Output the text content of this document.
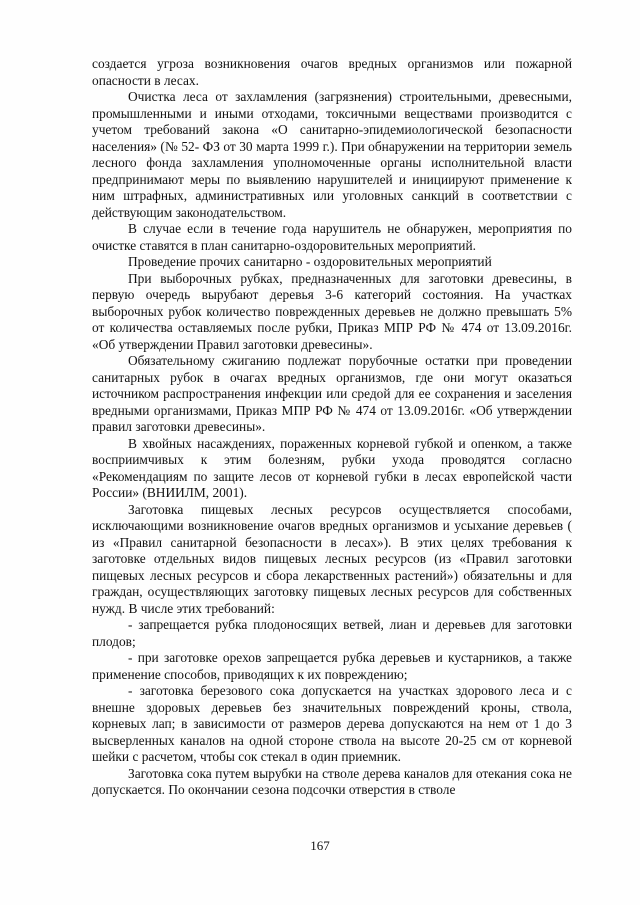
создается угроза возникновения очагов вредных организмов или пожарной опасности в лесах.

Очистка леса от захламления (загрязнения) строительными, древесными, промышленными и иными отходами, токсичными веществами производится с учетом требований закона «О санитарно-эпидемиологической безопасности населения» (№ 52- ФЗ от 30 марта 1999 г.). При обнаружении на территории земель лесного фонда захламления уполномоченные органы исполнительной власти предпринимают меры по выявлению нарушителей и инициируют применение к ним штрафных, административных или уголовных санкций в соответствии с действующим законодательством.

В случае если в течение года нарушитель не обнаружен, мероприятия по очистке ставятся в план санитарно-оздоровительных мероприятий.

Проведение прочих санитарно - оздоровительных мероприятий

При выборочных рубках, предназначенных для заготовки древесины, в первую очередь вырубают деревья 3-6 категорий состояния. На участках выборочных рубок количество поврежденных деревьев не должно превышать 5% от количества оставляемых после рубки, Приказ МПР РФ № 474 от 13.09.2016г. «Об утверждении Правил заготовки древесины».

Обязательному сжиганию подлежат порубочные остатки при проведении санитарных рубок в очагах вредных организмов, где они могут оказаться источником распространения инфекции или средой для ее сохранения и заселения вредными организмами, Приказ МПР РФ № 474 от 13.09.2016г. «Об утверждении правил заготовки древесины».

В хвойных насаждениях, пораженных корневой губкой и опенком, а также восприимчивых к этим болезням, рубки ухода проводятся согласно «Рекомендациям по защите лесов от корневой губки в лесах европейской части России» (ВНИИЛМ, 2001).

Заготовка пищевых лесных ресурсов осуществляется способами, исключающими возникновение очагов вредных организмов и усыхание деревьев ( из «Правил санитарной безопасности в лесах»). В этих целях требования к заготовке отдельных видов пищевых лесных ресурсов (из «Правил заготовки пищевых лесных ресурсов и сбора лекарственных растений») обязательны и для граждан, осуществляющих заготовку пищевых лесных ресурсов для собственных нужд. В числе этих требований:

- запрещается рубка плодоносящих ветвей, лиан и деревьев для заготовки плодов;

- при заготовке орехов запрещается рубка деревьев и кустарников, а также применение способов, приводящих к их повреждению;

- заготовка березового сока допускается на участках здорового леса и с внешне здоровых деревьев без значительных повреждений кроны, ствола, корневых лап; в зависимости от размеров дерева допускаются на нем от 1 до 3 высверленных каналов на одной стороне ствола на высоте 20-25 см от корневой шейки с расчетом, чтобы сок стекал в один приемник.

Заготовка сока путем вырубки на стволе дерева каналов для отекания сока не допускается. По окончании сезона подсочки отверстия в стволе

167
